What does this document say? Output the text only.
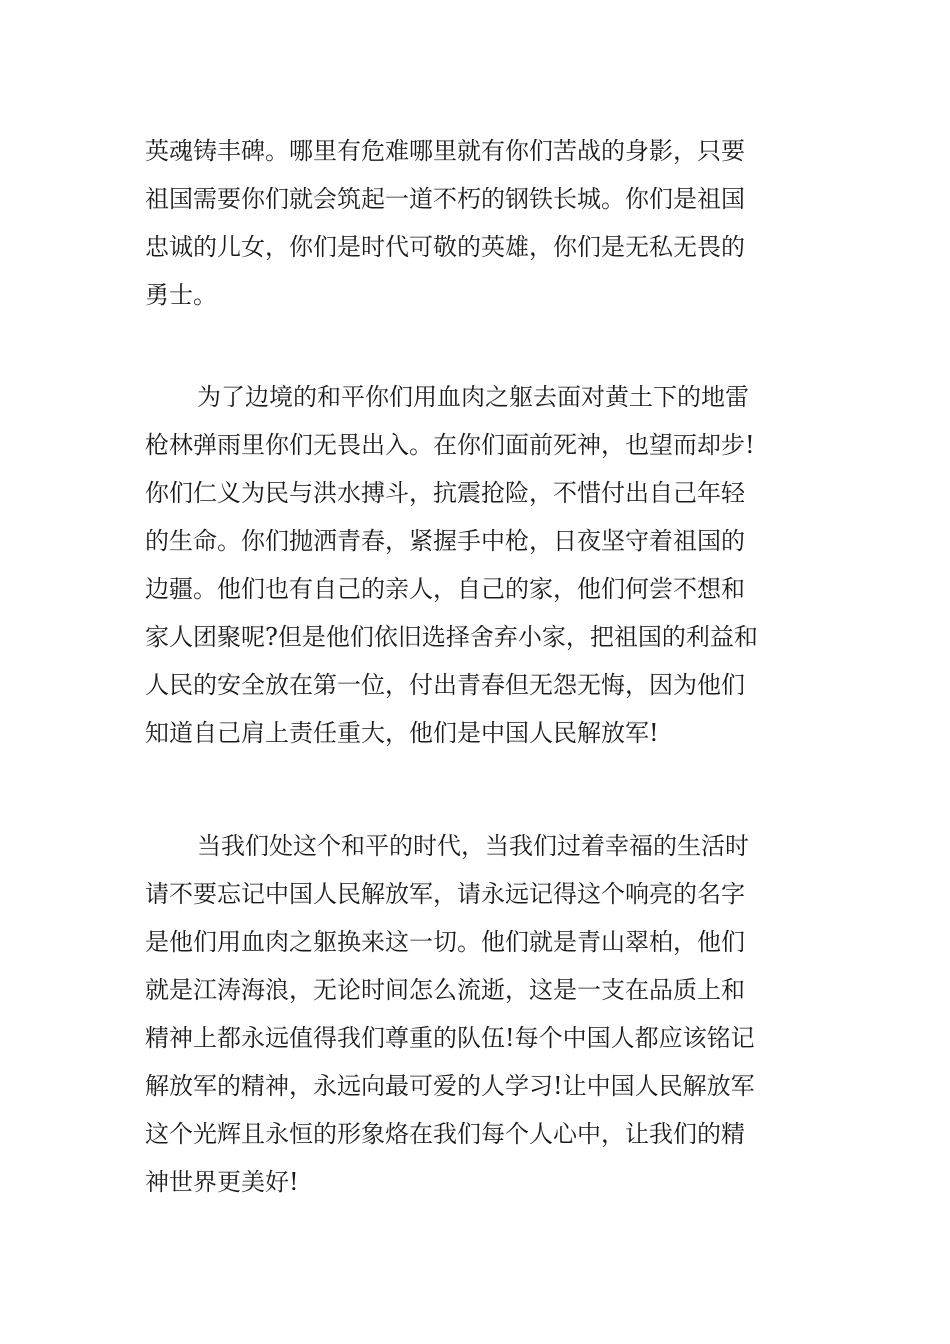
英魂铸丰碑。哪里有危难哪里就有你们苦战的身影，只要
祖国需要你们就会筑起一道不朽的钢铁长城。你们是祖国
忠诚的儿女，你们是时代可敬的英雄，你们是无私无畏的
勇士。
为了边境的和平你们用血肉之躯去面对黄土下的地雷
枪林弹雨里你们无畏出入。在你们面前死神，也望而却步!
你们仁义为民与洪水搏斗，抗震抢险，不惜付出自己年轻
的生命。你们抛洒青春，紧握手中枪，日夜坚守着祖国的
边疆。他们也有自己的亲人，自己的家，他们何尝不想和
家人团聚呢?但是他们依旧选择舍弃小家，把祖国的利益和
人民的安全放在第一位，付出青春但无怨无悔，因为他们
知道自己肩上责任重大，他们是中国人民解放军!
当我们处这个和平的时代，当我们过着幸福的生活时
请不要忘记中国人民解放军，请永远记得这个响亮的名字
是他们用血肉之躯换来这一切。他们就是青山翠柏，他们
就是江涛海浪，无论时间怎么流逝，这是一支在品质上和
精神上都永远值得我们尊重的队伍!每个中国人都应该铭记
解放军的精神，永远向最可爱的人学习!让中国人民解放军
这个光辉且永恒的形象烙在我们每个人心中，让我们的精
神世界更美好!
